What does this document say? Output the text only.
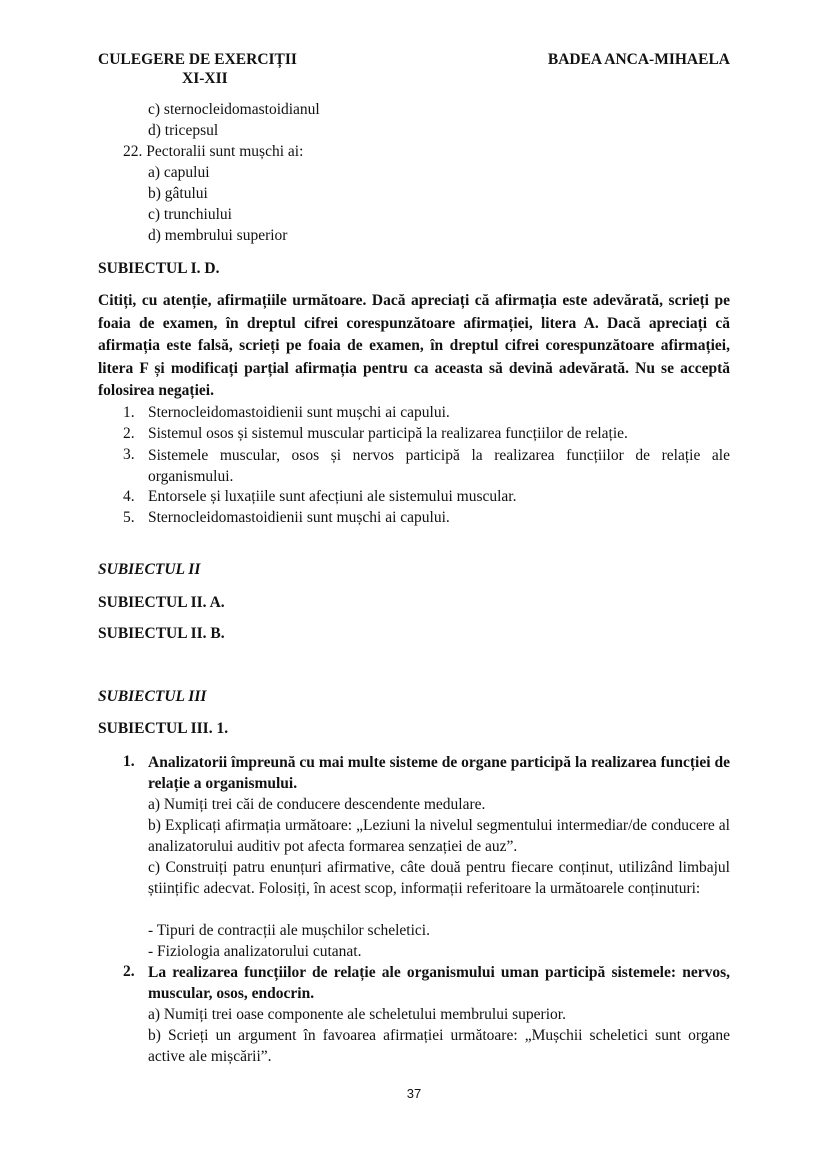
CULEGERE DE EXERCIȚII
XI-XII
BADEA ANCA-MIHAELA
c) sternocleidomastoidianul
d) tricepsul
22. Pectoralii sunt mușchi ai:
a) capului
b) gâtului
c) trunchiului
d) membrului superior
SUBIECTUL I. D.
Citiți, cu atenție, afirmațiile următoare. Dacă apreciați că afirmația este adevărată, scrieți pe foaia de examen, în dreptul cifrei corespunzătoare afirmației, litera A. Dacă apreciați că afirmația este falsă, scrieți pe foaia de examen, în dreptul cifrei corespunzătoare afirmației, litera F și modificați parțial afirmația pentru ca aceasta să devină adevărată. Nu se acceptă folosirea negației.
1. Sternocleidomastoidienii sunt mușchi ai capului.
2. Sistemul osos și sistemul muscular participă la realizarea funcțiilor de relație.
3. Sistemele muscular, osos și nervos participă la realizarea funcțiilor de relație ale organismului.
4. Entorsele și luxațiile sunt afecțiuni ale sistemului muscular.
5. Sternocleidomastoidienii sunt mușchi ai capului.
SUBIECTUL II
SUBIECTUL II. A.
SUBIECTUL II. B.
SUBIECTUL III
SUBIECTUL III. 1.
1. Analizatorii împreună cu mai multe sisteme de organe participă la realizarea funcției de relație a organismului.
a) Numiți trei căi de conducere descendente medulare.
b) Explicați afirmația următoare: „Leziuni la nivelul segmentului intermediar/de conducere al analizatorului auditiv pot afecta formarea senzației de auz”.
c) Construiți patru enunțuri afirmative, câte două pentru fiecare conținut, utilizând limbajul științific adecvat. Folosiți, în acest scop, informații referitoare la următoarele conținuturi:
- Tipuri de contracții ale mușchilor scheletici.
- Fiziologia analizatorului cutanat.
2. La realizarea funcțiilor de relație ale organismului uman participă sistemele: nervos, muscular, osos, endocrin.
a) Numiți trei oase componente ale scheletului membrului superior.
b) Scrieți un argument în favoarea afirmației următoare: „Mușchii scheletici sunt organe active ale mișcării”.
37
